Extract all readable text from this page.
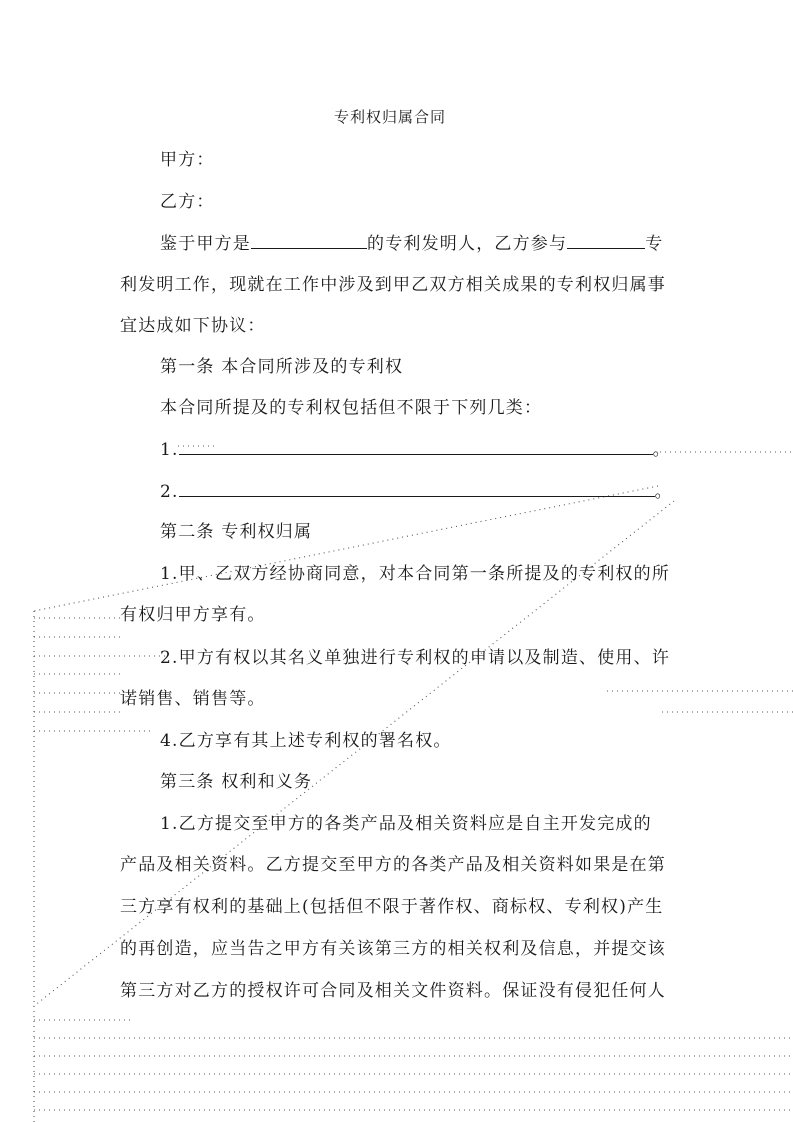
专利权归属合同
甲方：
乙方：
鉴于甲方是	的专利发明人，乙方参与	专
利发明工作，现就在工作中涉及到甲乙双方相关成果的专利权归属事
宜达成如下协议：
第一条 本合同所涉及的专利权
本合同所提及的专利权包括但不限于下列几类：
1.	。
2.	。
第二条 专利权归属
1.甲、乙双方经协商同意，对本合同第一条所提及的专利权的所
有权归甲方享有。
2.甲方有权以其名义单独进行专利权的申请以及制造、使用、许
诺销售、销售等。
4.乙方享有其上述专利权的署名权。
第三条 权利和义务
1.乙方提交至甲方的各类产品及相关资料应是自主开发完成的
产品及相关资料。乙方提交至甲方的各类产品及相关资料如果是在第
三方享有权利的基础上(包括但不限于著作权、商标权、专利权)产生
的再创造，应当告之甲方有关该第三方的相关权利及信息，并提交该
第三方对乙方的授权许可合同及相关文件资料。保证没有侵犯任何人
